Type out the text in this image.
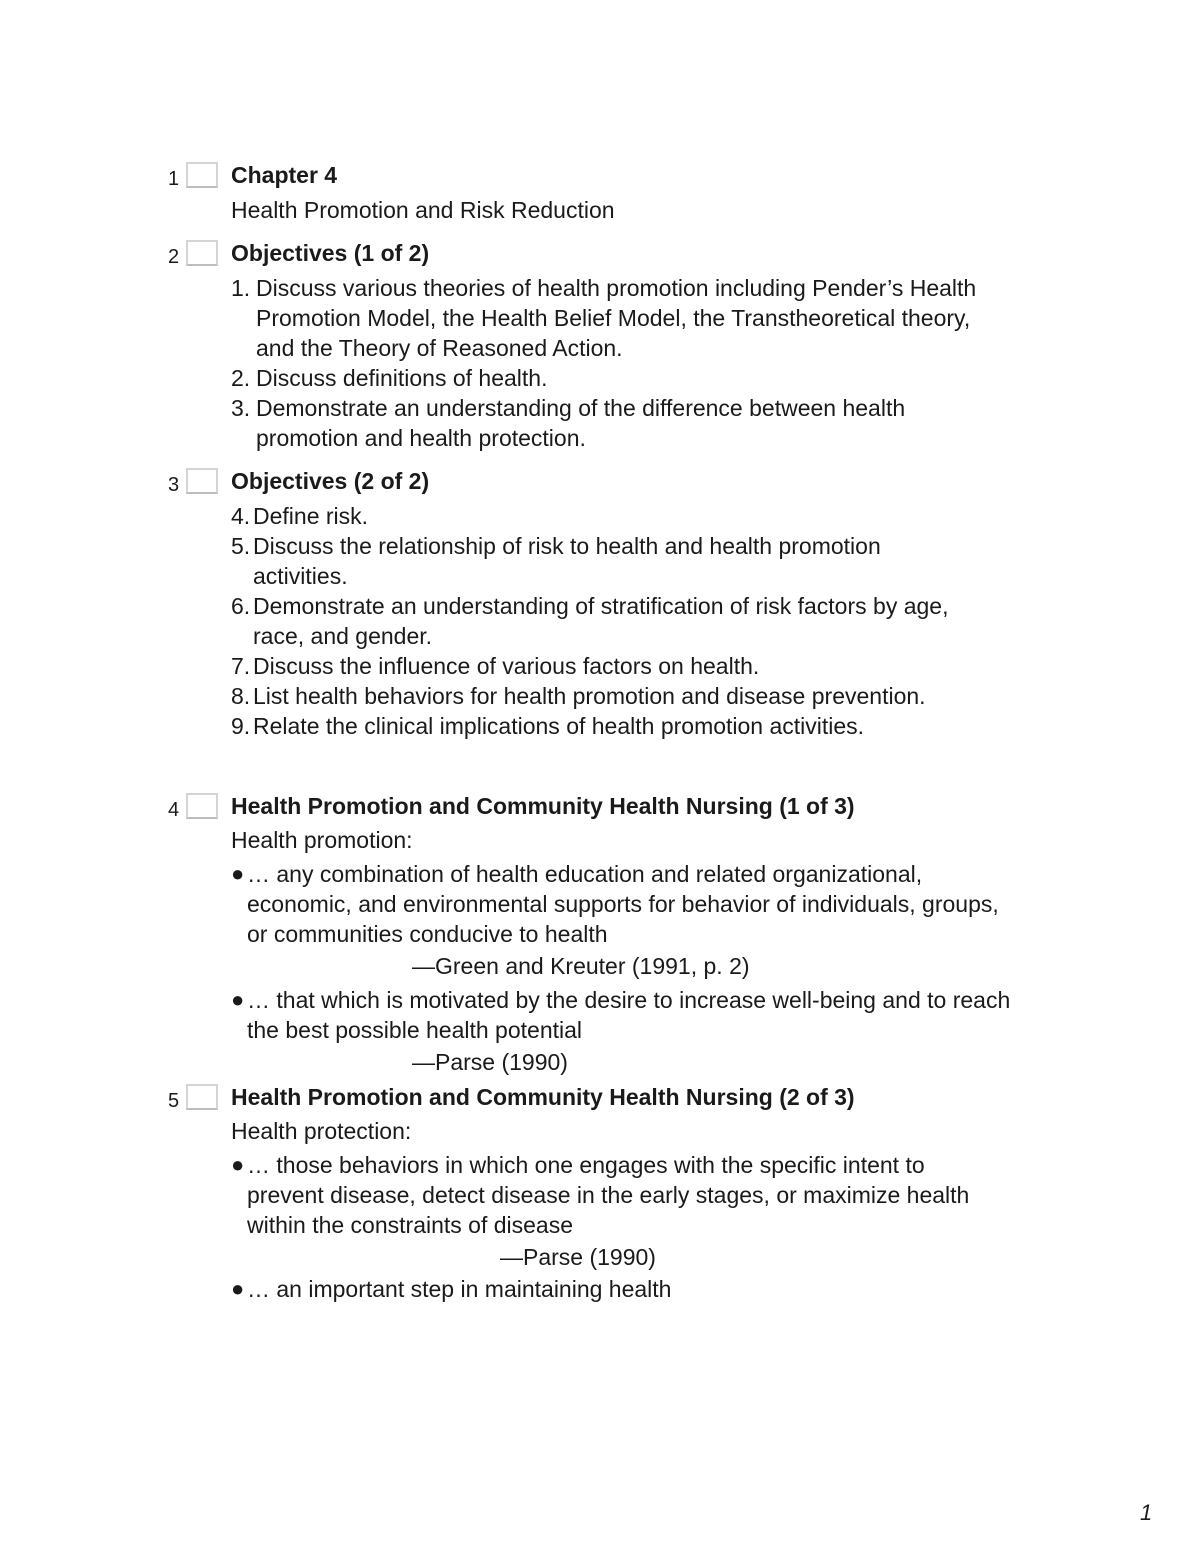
1 Chapter 4
Health Promotion and Risk Reduction
2 Objectives (1 of 2)
1. Discuss various theories of health promotion including Pender’s Health Promotion Model, the Health Belief Model, the Transtheoretical theory, and the Theory of Reasoned Action.
2. Discuss definitions of health.
3. Demonstrate an understanding of the difference between health promotion and health protection.
3 Objectives (2 of 2)
4. Define risk.
5. Discuss the relationship of risk to health and health promotion activities.
6. Demonstrate an understanding of stratification of risk factors by age, race, and gender.
7. Discuss the influence of various factors on health.
8. List health behaviors for health promotion and disease prevention.
9. Relate the clinical implications of health promotion activities.
4 Health Promotion and Community Health Nursing (1 of 3)
Health promotion:
● … any combination of health education and related organizational, economic, and environmental supports for behavior of individuals, groups, or communities conducive to health
—Green and Kreuter (1991, p. 2)
● … that which is motivated by the desire to increase well-being and to reach the best possible health potential
—Parse (1990)
5 Health Promotion and Community Health Nursing (2 of 3)
Health protection:
● … those behaviors in which one engages with the specific intent to prevent disease, detect disease in the early stages, or maximize health within the constraints of disease
—Parse (1990)
● … an important step in maintaining health
1
